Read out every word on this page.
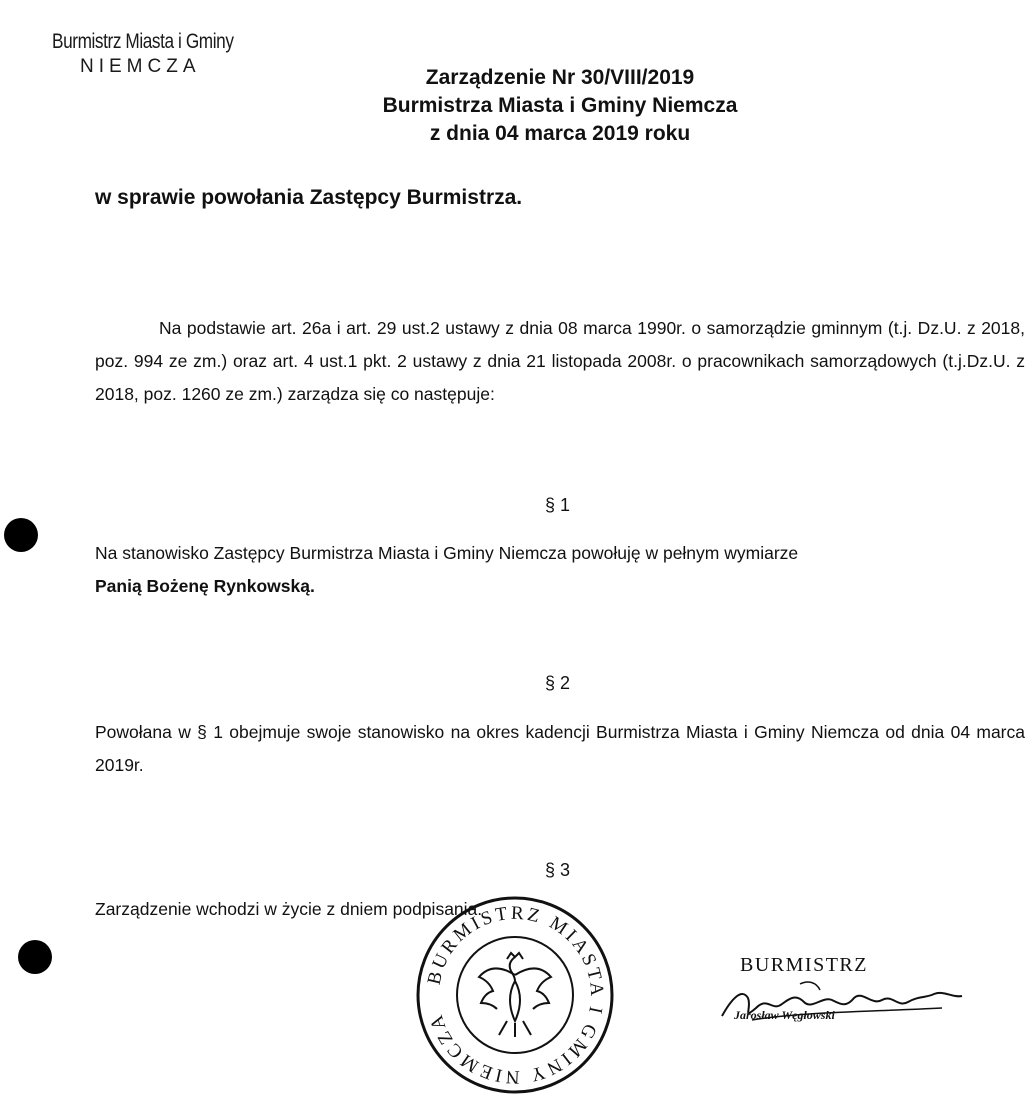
Burmistrz Miasta i Gminy
NIEMCZA	Zarządzenie Nr 30/VIII/2019
Burmistrza Miasta i Gminy Niemcza
z dnia 04 marca 2019 roku
w sprawie powołania Zastępcy Burmistrza.
Na podstawie art. 26a i art. 29 ust.2 ustawy z dnia 08 marca 1990r. o samorządzie gminnym (t.j. Dz.U. z 2018, poz. 994 ze zm.) oraz art. 4 ust.1 pkt. 2 ustawy z dnia 21 listopada 2008r. o pracownikach samorządowych (t.j.Dz.U. z 2018, poz. 1260 ze zm.) zarządza się co następuje:
§ 1
Na stanowisko Zastępcy Burmistrza Miasta i Gminy Niemcza powołuję w pełnym wymiarze
Panią Bożenę Rynkowską.
§ 2
Powołana w § 1 obejmuje swoje stanowisko na okres kadencji Burmistrza Miasta i Gminy Niemcza od dnia 04 marca 2019r.
§ 3
Zarządzenie wchodzi w życie z dniem podpisania.
BURMISTRZ MIASTA I GMINY NIEMCZA
BURMISTRZ
Jarosław Węgłowski
